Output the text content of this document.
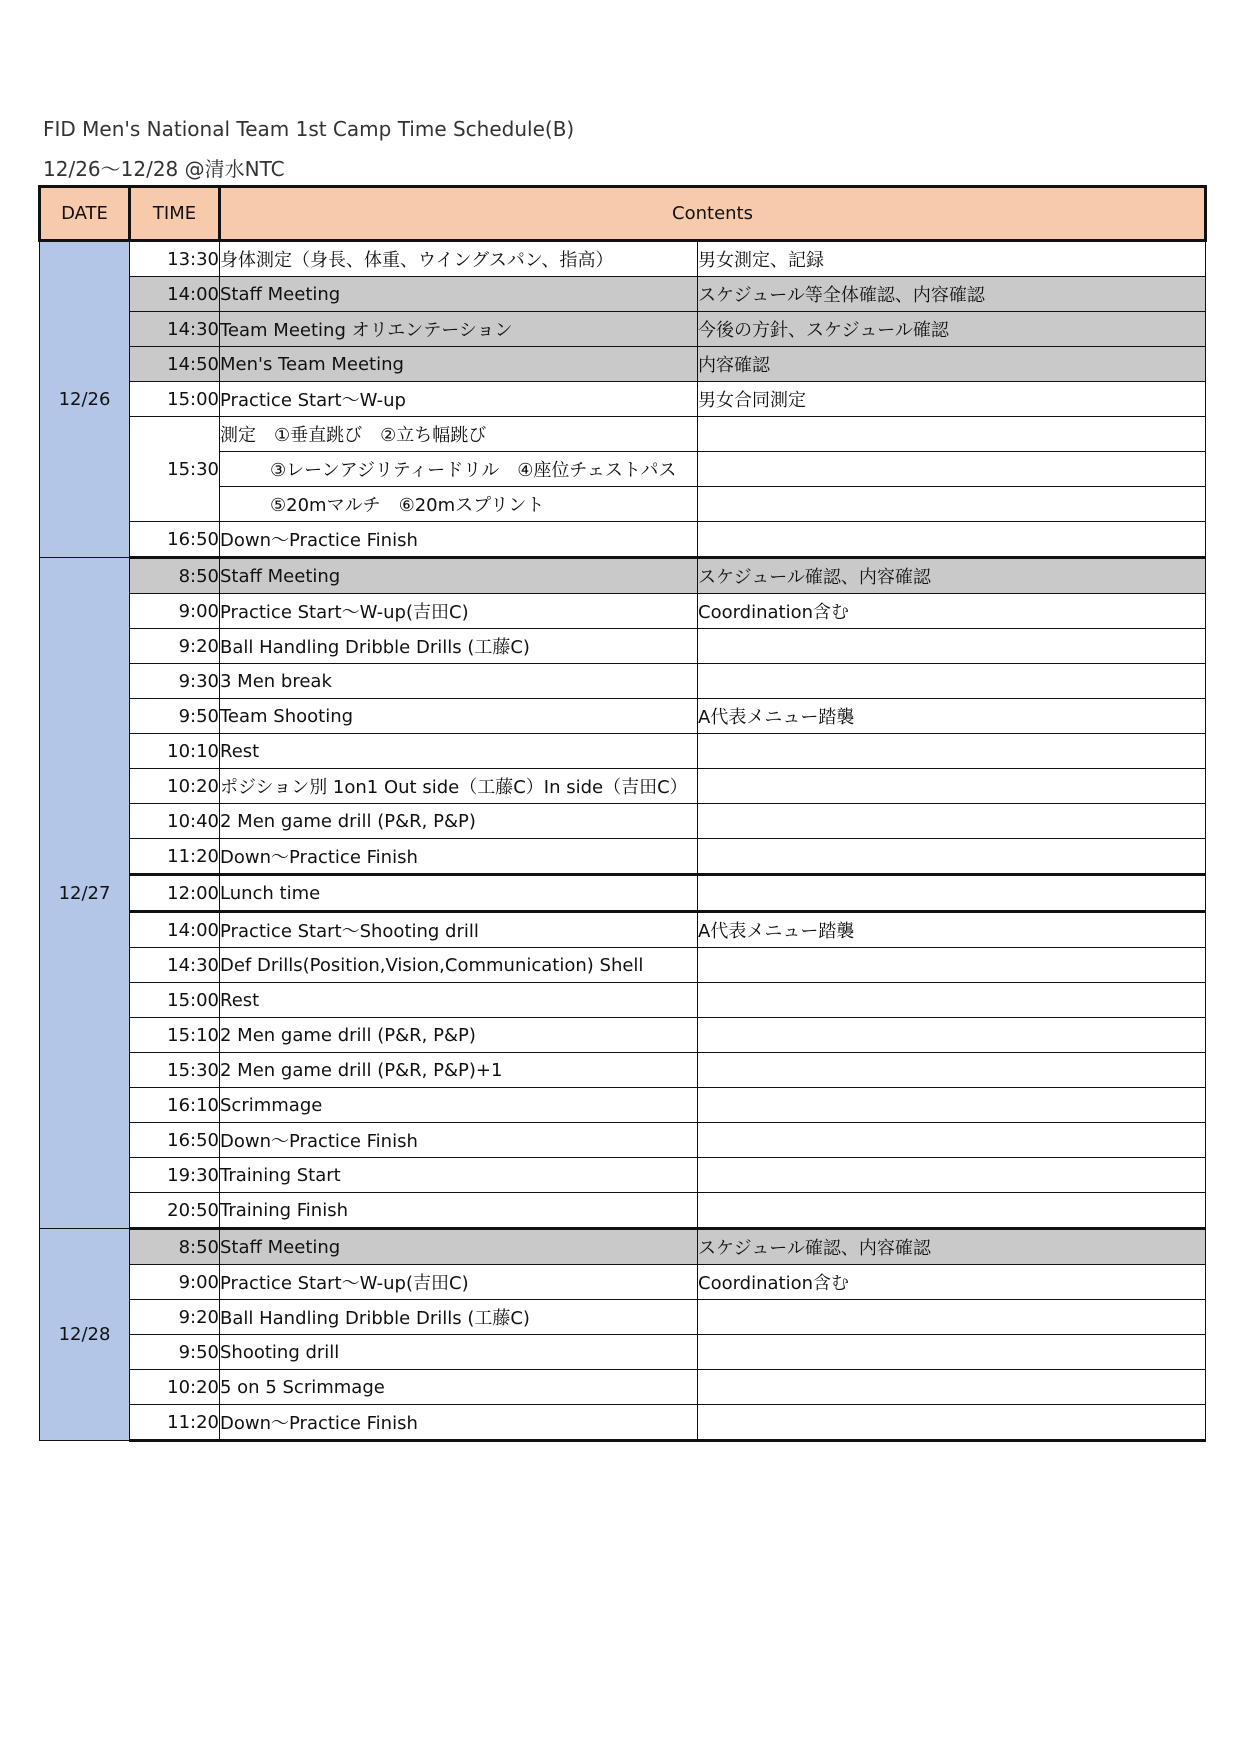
FID Men's National Team 1st Camp Time Schedule(B)
12/26～12/28 @清水NTC
DATE	TIME	Contents	
12/26	13:30	身体測定（身長、体重、ウイングスパン、指高）	男女測定、記録
	14:00	Staff Meeting	スケジュール等全体確認、内容確認
	14:30	Team Meeting オリエンテーション	今後の方針、スケジュール確認
	14:50	Men's Team Meeting	内容確認
	15:00	Practice Start～W-up	男女合同測定
	15:30	測定　①垂直跳び　②立ち幅跳び	
		③レーンアジリティードリル　④座位チェストパス	
		⑤20mマルチ　⑥20mスプリント	
	16:50	Down～Practice Finish	
12/27	8:50	Staff Meeting	スケジュール確認、内容確認
	9:00	Practice Start～W-up(吉田C)	Coordination含む
	9:20	Ball Handling Dribble Drills (工藤C)	
	9:30	3 Men break	
	9:50	Team Shooting	A代表メニュー踏襲
	10:10	Rest	
	10:20	ポジション別 1on1 Out side（工藤C）In side（吉田C）	
	10:40	2 Men game drill (P&R, P&P)	
	11:20	Down～Practice Finish	
	12:00	Lunch time	
	14:00	Practice Start～Shooting drill	A代表メニュー踏襲
	14:30	Def Drills(Position,Vision,Communication) Shell	
	15:00	Rest	
	15:10	2 Men game drill (P&R, P&P)	
	15:30	2 Men game drill (P&R, P&P)+1	
	16:10	Scrimmage	
	16:50	Down～Practice Finish	
	19:30	Training Start	
	20:50	Training Finish	
12/28	8:50	Staff Meeting	スケジュール確認、内容確認
	9:00	Practice Start～W-up(吉田C)	Coordination含む
	9:20	Ball Handling Dribble Drills (工藤C)	
	9:50	Shooting drill	
	10:20	5 on 5 Scrimmage	
	11:20	Down～Practice Finish	
